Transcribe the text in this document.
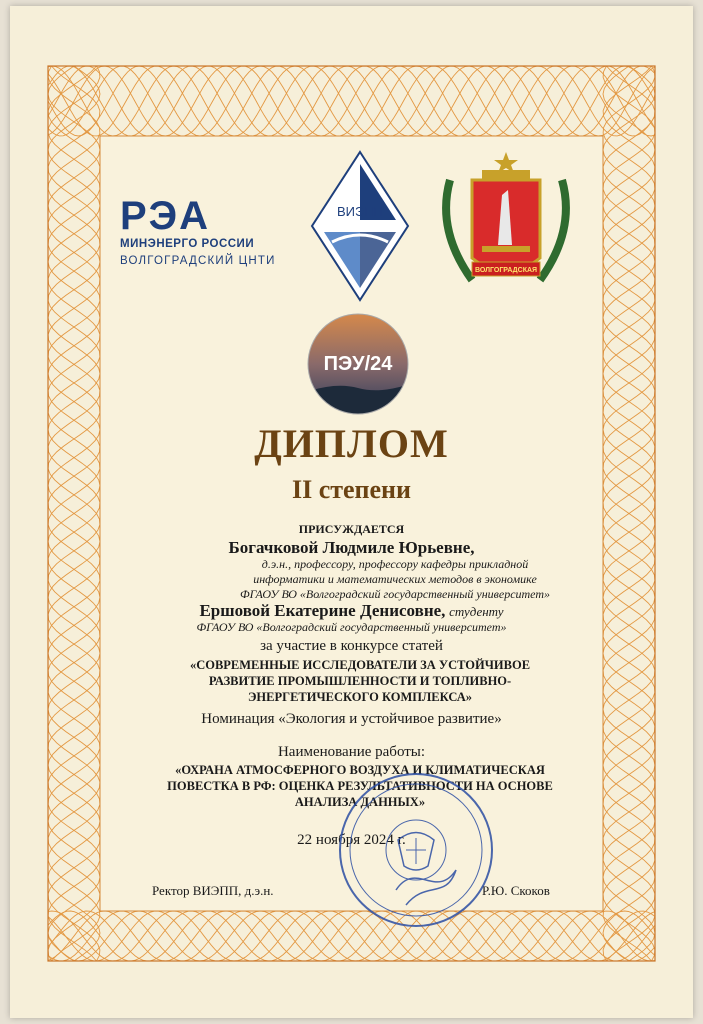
РЭА
МИНЭНЕРГО РОССИИ
ВОЛГОГРАДСКИЙ ЦНТИ
ВИЭПП
ВОЛГОГРАДСКАЯ
ПЭУ/24
ДИПЛОМ
II степени
ПРИСУЖДАЕТСЯ
Богачковой Людмиле Юрьевне,
д.э.н., профессору, профессору кафедры прикладной информатики и математических методов в экономике
ФГАОУ ВО «Волгоградский государственный университет»
Ершовой Екатерине Денисовне, студенту
ФГАОУ ВО «Волгоградский государственный университет»
за участие в конкурсе статей
«СОВРЕМЕННЫЕ ИССЛЕДОВАТЕЛИ ЗА УСТОЙЧИВОЕ РАЗВИТИЕ ПРОМЫШЛЕННОСТИ И ТОПЛИВНО-ЭНЕРГЕТИЧЕСКОГО КОМПЛЕКСА»
Номинация «Экология и устойчивое развитие»
Наименование работы:
«ОХРАНА АТМОСФЕРНОГО ВОЗДУХА И КЛИМАТИЧЕСКАЯ ПОВЕСТКА В РФ: ОЦЕНКА РЕЗУЛЬТАТИВНОСТИ НА ОСНОВЕ АНАЛИЗА ДАННЫХ»
22 ноября 2024 г.
Ректор ВИЭПП, д.э.н.	Р.Ю. Скоков
